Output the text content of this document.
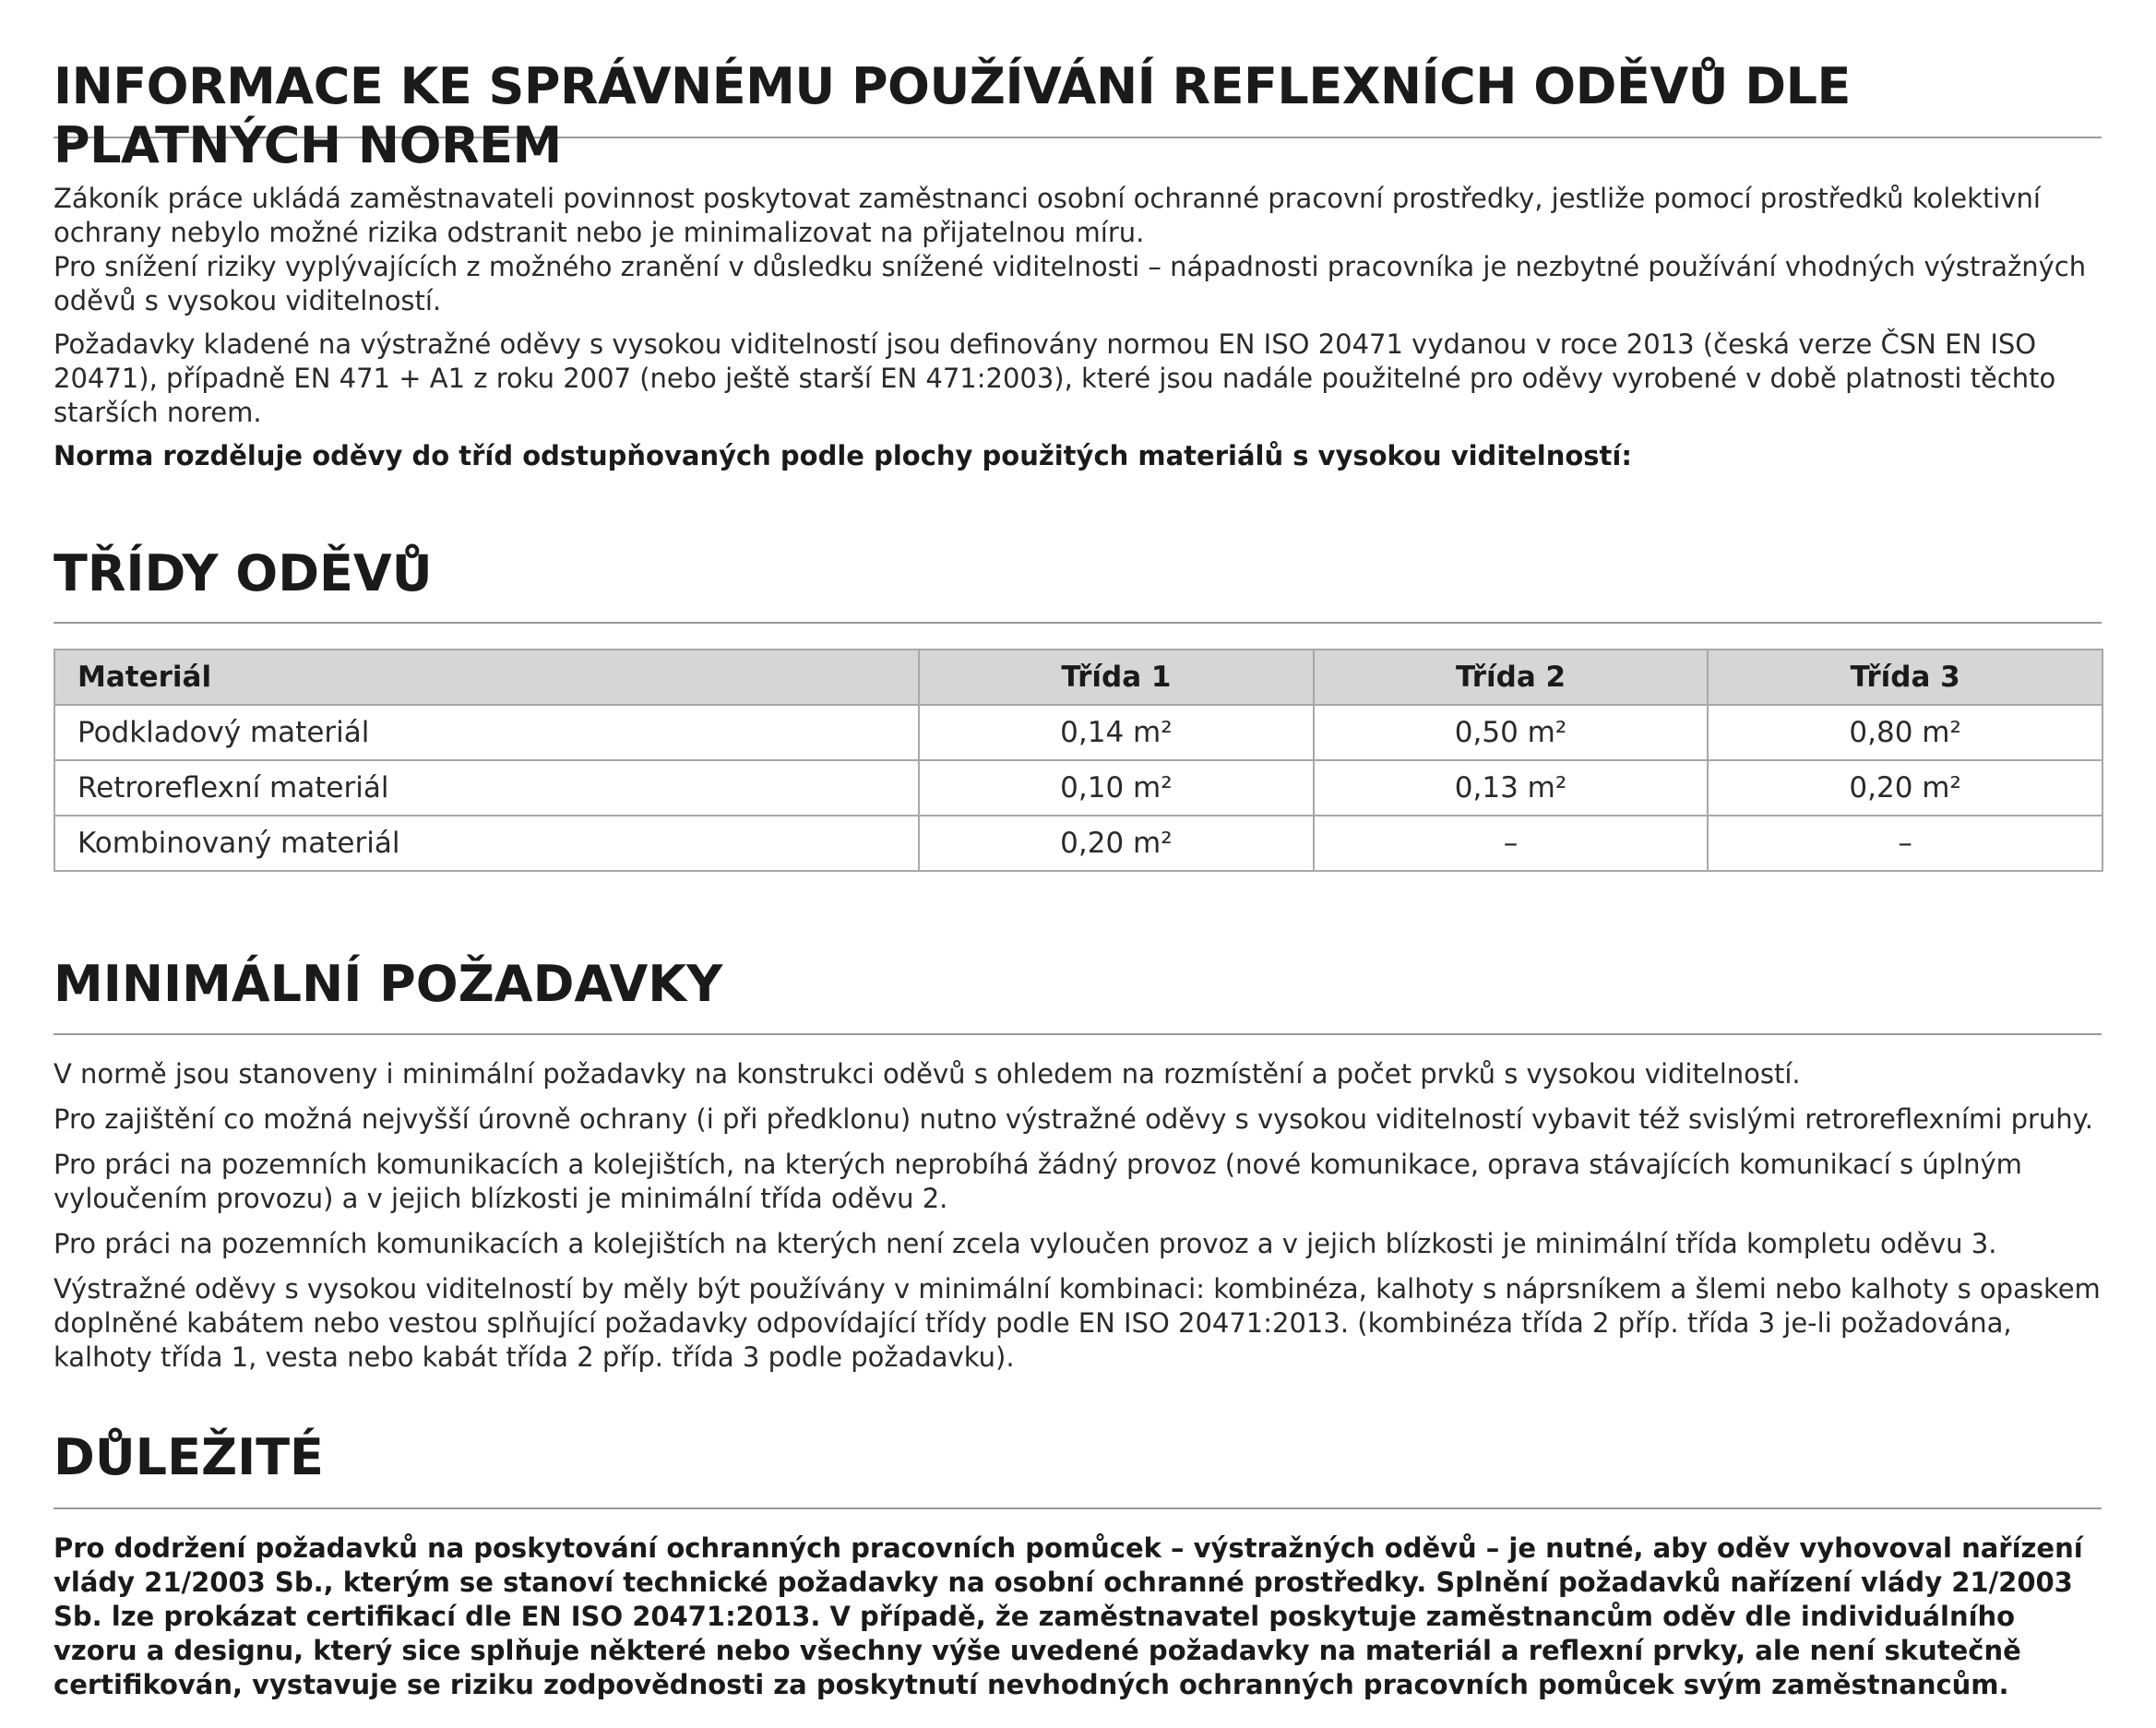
INFORMACE KE SPRÁVNÉMU POUŽÍVÁNÍ REFLEXNÍCH ODĚVŮ DLE PLATNÝCH NOREM

Zákoník práce ukládá zaměstnavateli povinnost poskytovat zaměstnanci osobní ochranné pracovní prostředky, jestliže pomocí prostředků kolektivní ochrany nebylo možné rizika odstranit nebo je minimalizovat na přijatelnou míru.

Pro snížení riziky vyplývajících z možného zranění v důsledku snížené viditelnosti – nápadnosti pracovníka je nezbytné používání vhodných výstražných oděvů s vysokou viditelností.

Požadavky kladené na výstražné oděvy s vysokou viditelností jsou definovány normou EN ISO 20471 vydanou v roce 2013 (česká verze ČSN EN ISO 20471), případně EN 471 + A1 z roku 2007 (nebo ještě starší EN 471:2003), které jsou nadále použitelné pro oděvy vyrobené v době platnosti těchto starších norem.

Norma rozděluje oděvy do tříd odstupňovaných podle plochy použitých materiálů s vysokou viditelností:

TŘÍDY ODĚVŮ
Materiál	Třída 1	Třída 2	Třída 3
Podkladový materiál	0,14 m²	0,50 m²	0,80 m²
Retroreflexní materiál	0,10 m²	0,13 m²	0,20 m²
Kombinovaný materiál	0,20 m²	–	–
MINIMÁLNÍ POŽADAVKY

V normě jsou stanoveny i minimální požadavky na konstrukci oděvů s ohledem na rozmístění a počet prvků s vysokou viditelností.

Pro zajištění co možná nejvyšší úrovně ochrany (i při předklonu) nutno výstražné oděvy s vysokou viditelností vybavit též svislými retroreflexními pruhy.

Pro práci na pozemních komunikacích a kolejištích, na kterých neprobíhá žádný provoz (nové komunikace, oprava stávajících komunikací s úplným vyloučením provozu) a v jejich blízkosti je minimální třída oděvu 2.

Pro práci na pozemních komunikacích a kolejištích na kterých není zcela vyloučen provoz a v jejich blízkosti je minimální třída kompletu oděvu 3.

Výstražné oděvy s vysokou viditelností by měly být používány v minimální kombinaci: kombinéza, kalhoty s náprsníkem a šlemi nebo kalhoty s opaskem doplněné kabátem nebo vestou splňující požadavky odpovídající třídy podle EN ISO 20471:2013. (kombinéza třída 2 příp. třída 3 je-li požadována, kalhoty třída 1, vesta nebo kabát třída 2 příp. třída 3 podle požadavku).

DŮLEŽITÉ

Pro dodržení požadavků na poskytování ochranných pracovních pomůcek – výstražných oděvů – je nutné, aby oděv vyhovoval nařízení vlády 21/2003 Sb., kterým se stanoví technické požadavky na osobní ochranné prostředky. Splnění požadavků nařízení vlády 21/2003 Sb. lze prokázat certifikací dle EN ISO 20471:2013. V případě, že zaměstnavatel poskytuje zaměstnancům oděv dle individuálního vzoru a designu, který sice splňuje některé nebo všechny výše uvedené požadavky na materiál a reflexní prvky, ale není skutečně certifikován, vystavuje se riziku zodpovědnosti za poskytnutí nevhodných ochranných pracovních pomůcek svým zaměstnancům.
